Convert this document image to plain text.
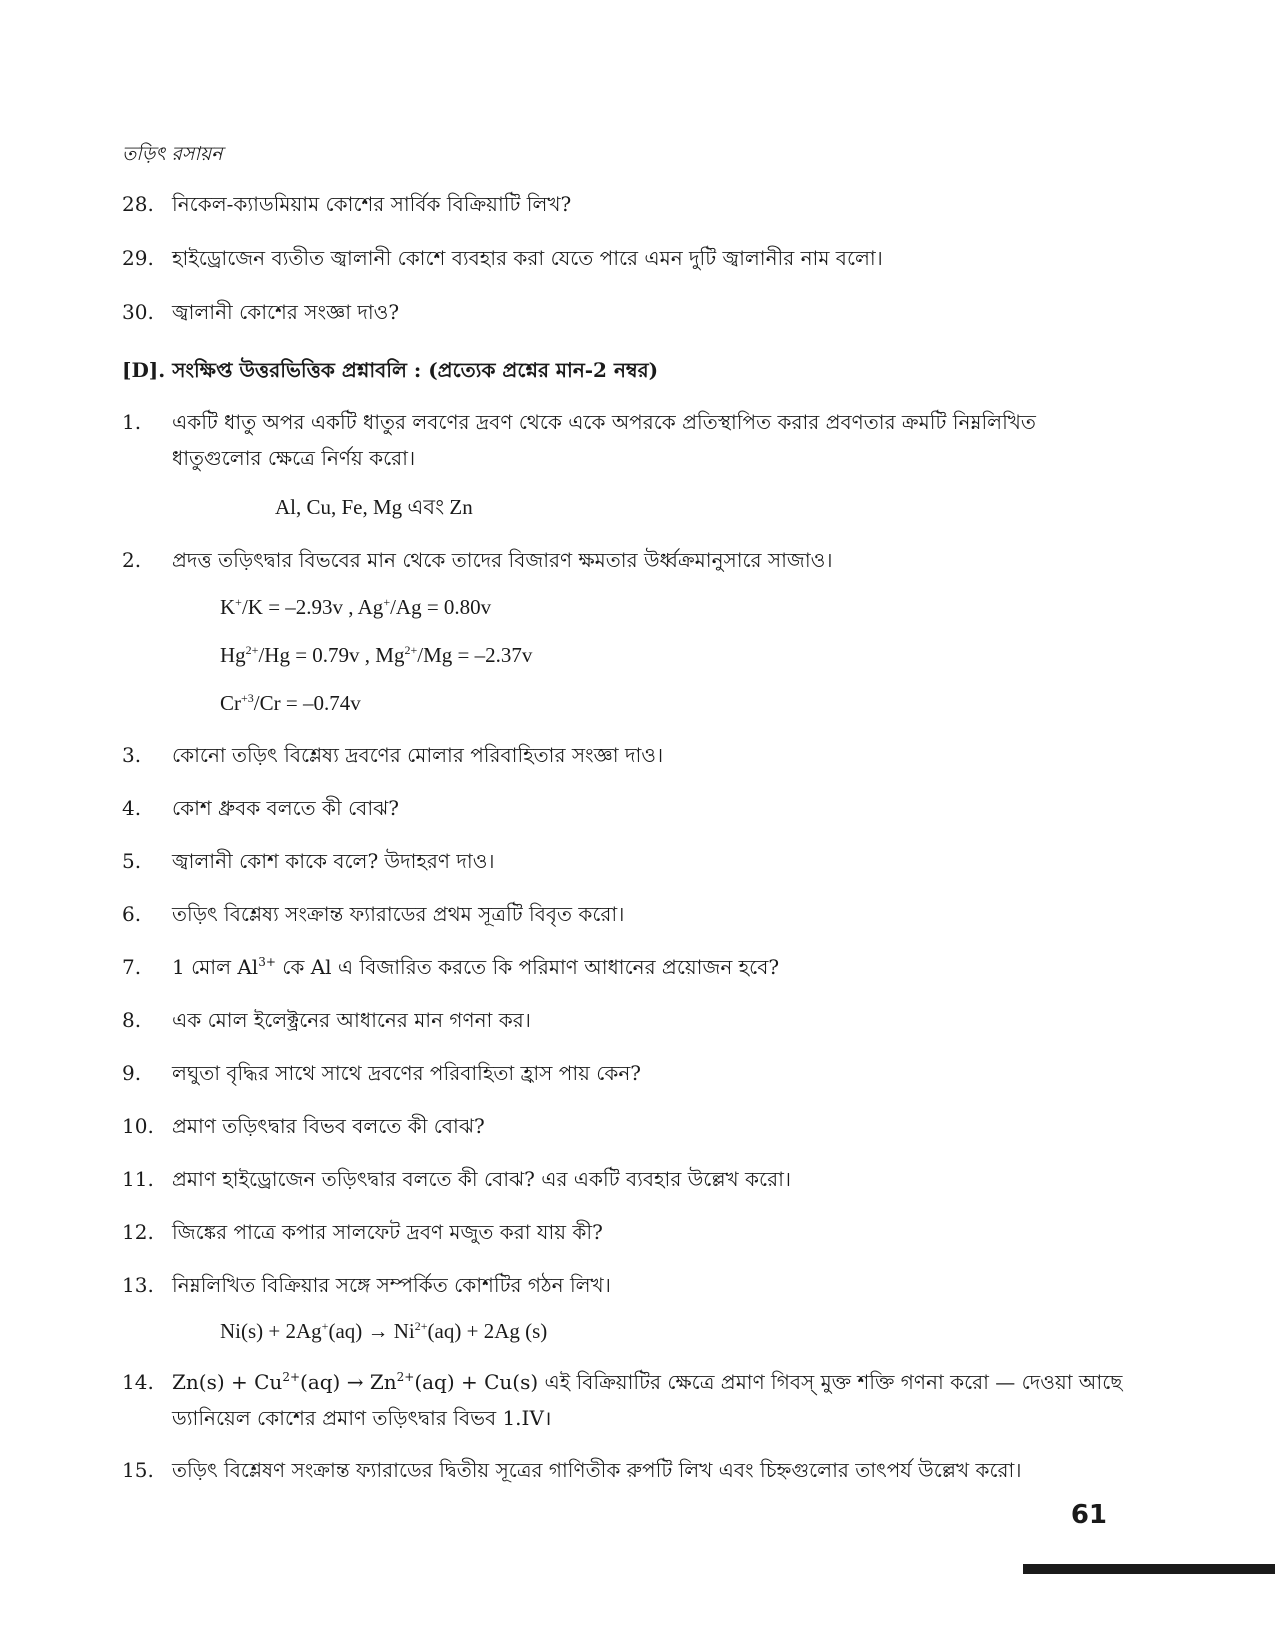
তড়িৎ রসায়ন
28. নিকেল-ক্যাডমিয়াম কোশের সার্বিক বিক্রিয়াটি লিখ?
29. হাইড্রোজেন ব্যতীত জ্বালানী কোশে ব্যবহার করা যেতে পারে এমন দুটি জ্বালানীর নাম বলো।
30. জ্বালানী কোশের সংজ্ঞা দাও?
[D]. সংক্ষিপ্ত উত্তরভিত্তিক প্রশ্নাবলি : (প্রত্যেক প্রশ্নের মান-2 নম্বর)
1.	একটি ধাতু অপর একটি ধাতুর লবণের দ্রবণ থেকে একে অপরকে প্রতিস্থাপিত করার প্রবণতার ক্রমটি নিম্নলিখিত ধাতুগুলোর ক্ষেত্রে নির্ণয় করো।
Al, Cu, Fe, Mg এবং Zn
2.	প্রদত্ত তড়িৎদ্বার বিভবের মান থেকে তাদের বিজারণ ক্ষমতার উর্ধ্বক্রমানুসারে সাজাও।
K+/K = –2.93v , Ag+/Ag = 0.80v
$Hg^{2+}/Hg = 0.79v$ , $Mg^{2+}/Mg = -2.37v$
$Cr^{+3}/Cr = -0.74v$
3.	কোনো তড়িৎ বিশ্লেষ্য দ্রবণের মোলার পরিবাহিতার সংজ্ঞা দাও।
4.	কোশ ধ্রুবক বলতে কী বোঝ?
5.	জ্বালানী কোশ কাকে বলে? উদাহরণ দাও।
6.	তড়িৎ বিশ্লেষ্য সংক্রান্ত ফ্যারাডের প্রথম সূত্রটি বিবৃত করো।
7.	1 মোল $Al^{3+}$ কে Al এ বিজারিত করতে কি পরিমাণ আধানের প্রয়োজন হবে?
8.	এক মোল ইলেক্ট্রনের আধানের মান গণনা কর।
9.	লঘুতা বৃদ্ধির সাথে সাথে দ্রবণের পরিবাহিতা হ্রাস পায় কেন?
10. প্রমাণ তড়িৎদ্বার বিভব বলতে কী বোঝ?
11. প্রমাণ হাইড্রোজেন তড়িৎদ্বার বলতে কী বোঝ? এর একটি ব্যবহার উল্লেখ করো।
12. জিঙ্কের পাত্রে কপার সালফেট দ্রবণ মজুত করা যায় কী?
13. নিম্নলিখিত বিক্রিয়ার সঙ্গে সম্পর্কিত কোশটির গঠন লিখ।
$Ni(s) + 2Ag^+(aq) \to Ni^{2+}(aq) + 2Ag$ (s)
14. $Zn(s) + Cu^{2+}(aq) \to Zn^{2+}(aq) + Cu(s)$ এই বিক্রিয়াটির ক্ষেত্রে প্রমাণ গিবস্ মুক্ত শক্তি গণনা করো — দেওয়া আছে ড্যানিয়েল কোশের প্রমাণ তড়িৎদ্বার বিভব 1.IV।
15. তড়িৎ বিশ্লেষণ সংক্রান্ত ফ্যারাডের দ্বিতীয় সূত্রের গাণিতীক রুপটি লিখ এবং চিহ্নগুলোর তাৎপর্য উল্লেখ করো।
61
